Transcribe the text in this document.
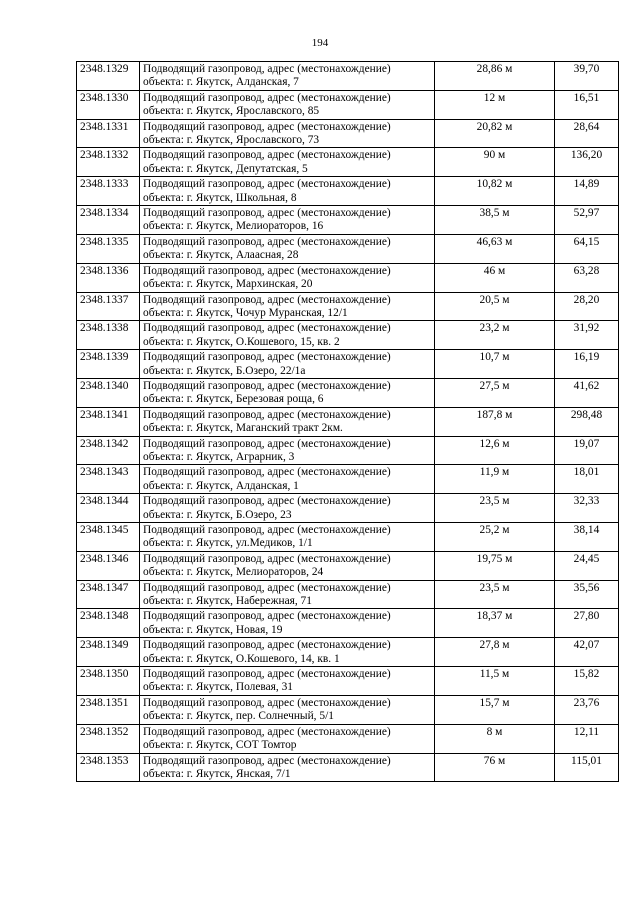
194
2348.1329	Подводящий газопровод, адрес (местонахождение)
объекта: г. Якутск, Алданская, 7	28,86 м	39,70
2348.1330	Подводящий газопровод, адрес (местонахождение)
объекта: г. Якутск, Ярославского, 85	12 м	16,51
2348.1331	Подводящий газопровод, адрес (местонахождение)
объекта: г. Якутск, Ярославского, 73	20,82 м	28,64
2348.1332	Подводящий газопровод, адрес (местонахождение)
объекта: г. Якутск, Депутатская, 5	90 м	136,20
2348.1333	Подводящий газопровод, адрес (местонахождение)
объекта: г. Якутск, Школьная, 8	10,82 м	14,89
2348.1334	Подводящий газопровод, адрес (местонахождение)
объекта: г. Якутск, Мелиораторов, 16	38,5 м	52,97
2348.1335	Подводящий газопровод, адрес (местонахождение)
объекта: г. Якутск, Алаасная, 28	46,63 м	64,15
2348.1336	Подводящий газопровод, адрес (местонахождение)
объекта: г. Якутск, Мархинская, 20	46 м	63,28
2348.1337	Подводящий газопровод, адрес (местонахождение)
объекта: г. Якутск, Чочур Муранская, 12/1	20,5 м	28,20
2348.1338	Подводящий газопровод, адрес (местонахождение)
объекта: г. Якутск, О.Кошевого, 15, кв. 2	23,2 м	31,92
2348.1339	Подводящий газопровод, адрес (местонахождение)
объекта: г. Якутск, Б.Озеро, 22/1а	10,7 м	16,19
2348.1340	Подводящий газопровод, адрес (местонахождение)
объекта: г. Якутск, Березовая роща, 6	27,5 м	41,62
2348.1341	Подводящий газопровод, адрес (местонахождение)
объекта: г. Якутск, Маганский тракт 2км.	187,8 м	298,48
2348.1342	Подводящий газопровод, адрес (местонахождение)
объекта: г. Якутск, Аграрник, 3	12,6 м	19,07
2348.1343	Подводящий газопровод, адрес (местонахождение)
объекта: г. Якутск, Алданская, 1	11,9 м	18,01
2348.1344	Подводящий газопровод, адрес (местонахождение)
объекта: г. Якутск, Б.Озеро, 23	23,5 м	32,33
2348.1345	Подводящий газопровод, адрес (местонахождение)
объекта: г. Якутск, ул.Медиков, 1/1	25,2 м	38,14
2348.1346	Подводящий газопровод, адрес (местонахождение)
объекта: г. Якутск, Мелиораторов, 24	19,75 м	24,45
2348.1347	Подводящий газопровод, адрес (местонахождение)
объекта: г. Якутск, Набережная, 71	23,5 м	35,56
2348.1348	Подводящий газопровод, адрес (местонахождение)
объекта: г. Якутск, Новая, 19	18,37 м	27,80
2348.1349	Подводящий газопровод, адрес (местонахождение)
объекта: г. Якутск, О.Кошевого, 14, кв. 1	27,8 м	42,07
2348.1350	Подводящий газопровод, адрес (местонахождение)
объекта: г. Якутск, Полевая, 31	11,5 м	15,82
2348.1351	Подводящий газопровод, адрес (местонахождение)
объекта: г. Якутск, пер. Солнечный, 5/1	15,7 м	23,76
2348.1352	Подводящий газопровод, адрес (местонахождение)
объекта: г. Якутск, СОТ Томтор	8 м	12,11
2348.1353	Подводящий газопровод, адрес (местонахождение)
объекта: г. Якутск, Янская, 7/1	76 м	115,01
